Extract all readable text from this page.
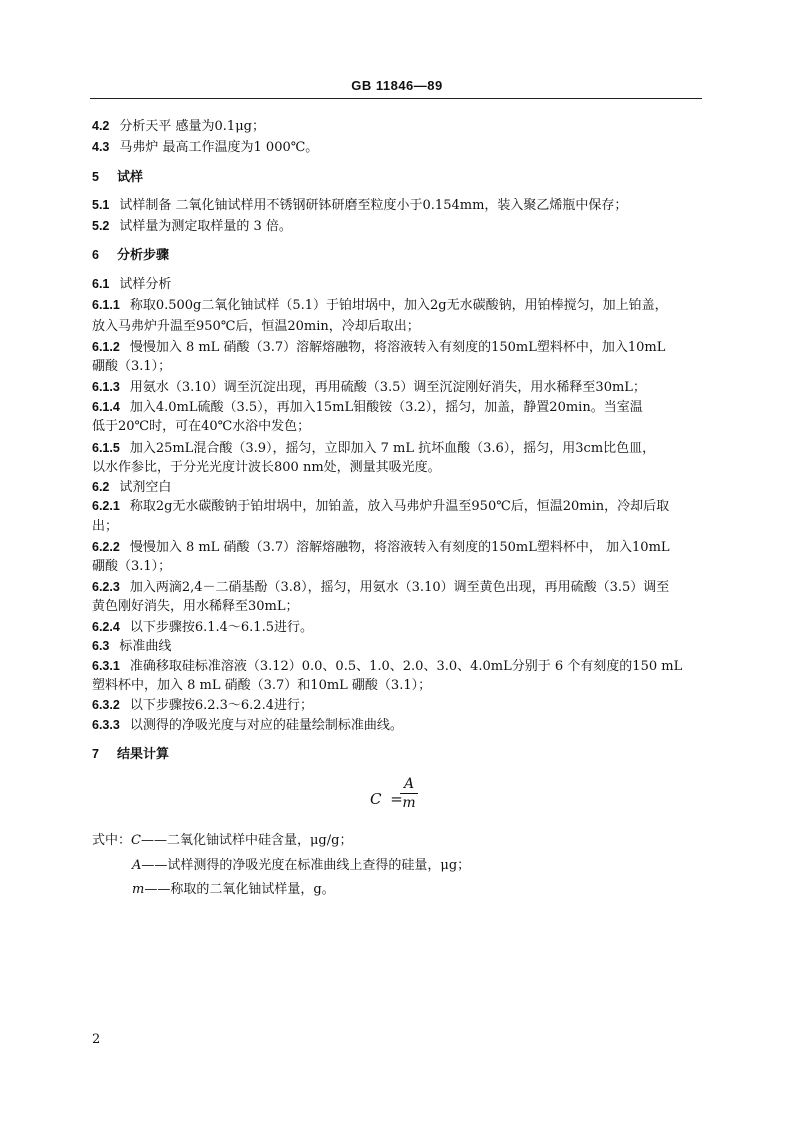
GB 11846—89
4.2 分析天平 感量为0.1μg；
4.3 马弗炉 最高工作温度为1 000℃。
5 试样
5.1 试样制备 二氧化铀试样用不锈钢研钵研磨至粒度小于0.154mm，装入聚乙烯瓶中保存；
5.2 试样量为测定取样量的 3 倍。
6 分析步骤
6.1 试样分析
6.1.1 称取0.500g二氧化铀试样（5.1）于铂坩埚中，加入2g无水碳酸钠，用铂棒搅匀，加上铂盖，
放入马弗炉升温至950℃后，恒温20min，冷却后取出；
6.1.2 慢慢加入 8 mL 硝酸（3.7）溶解熔融物，将溶液转入有刻度的150mL塑料杯中，加入10mL
硼酸（3.1）；
6.1.3 用氨水（3.10）调至沉淀出现，再用硫酸（3.5）调至沉淀刚好消失，用水稀释至30mL；
6.1.4 加入4.0mL硫酸（3.5），再加入15mL钼酸铵（3.2），摇匀，加盖，静置20min。当室温
低于20℃时，可在40℃水浴中发色；
6.1.5 加入25mL混合酸（3.9），摇匀，立即加入 7 mL 抗坏血酸（3.6），摇匀，用3cm比色皿，
以水作参比，于分光光度计波长800 nm处，测量其吸光度。
6.2 试剂空白
6.2.1 称取2g无水碳酸钠于铂坩埚中，加铂盖，放入马弗炉升温至950℃后，恒温20min，冷却后取
出；
6.2.2 慢慢加入 8 mL 硝酸（3.7）溶解熔融物，将溶液转入有刻度的150mL塑料杯中， 加入10mL
硼酸（3.1）；
6.2.3 加入两滴2,4－二硝基酚（3.8），摇匀，用氨水（3.10）调至黄色出现，再用硫酸（3.5）调至
黄色刚好消失，用水稀释至30mL；
6.2.4 以下步骤按6.1.4～6.1.5进行。
6.3 标准曲线
6.3.1 准确移取硅标准溶液（3.12）0.0、0.5、1.0、2.0、3.0、4.0mL分别于 6 个有刻度的150 mL
塑料杯中，加入 8 mL 硝酸（3.7）和10mL 硼酸（3.1）；
6.3.2 以下步骤按6.2.3～6.2.4进行；
6.3.3 以测得的净吸光度与对应的硅量绘制标准曲线。
7 结果计算
C =
A
m
式中：C——二氧化铀试样中硅含量，μg/g；
A——试样测得的净吸光度在标准曲线上查得的硅量，μg；
m——称取的二氧化铀试样量，g。
2
